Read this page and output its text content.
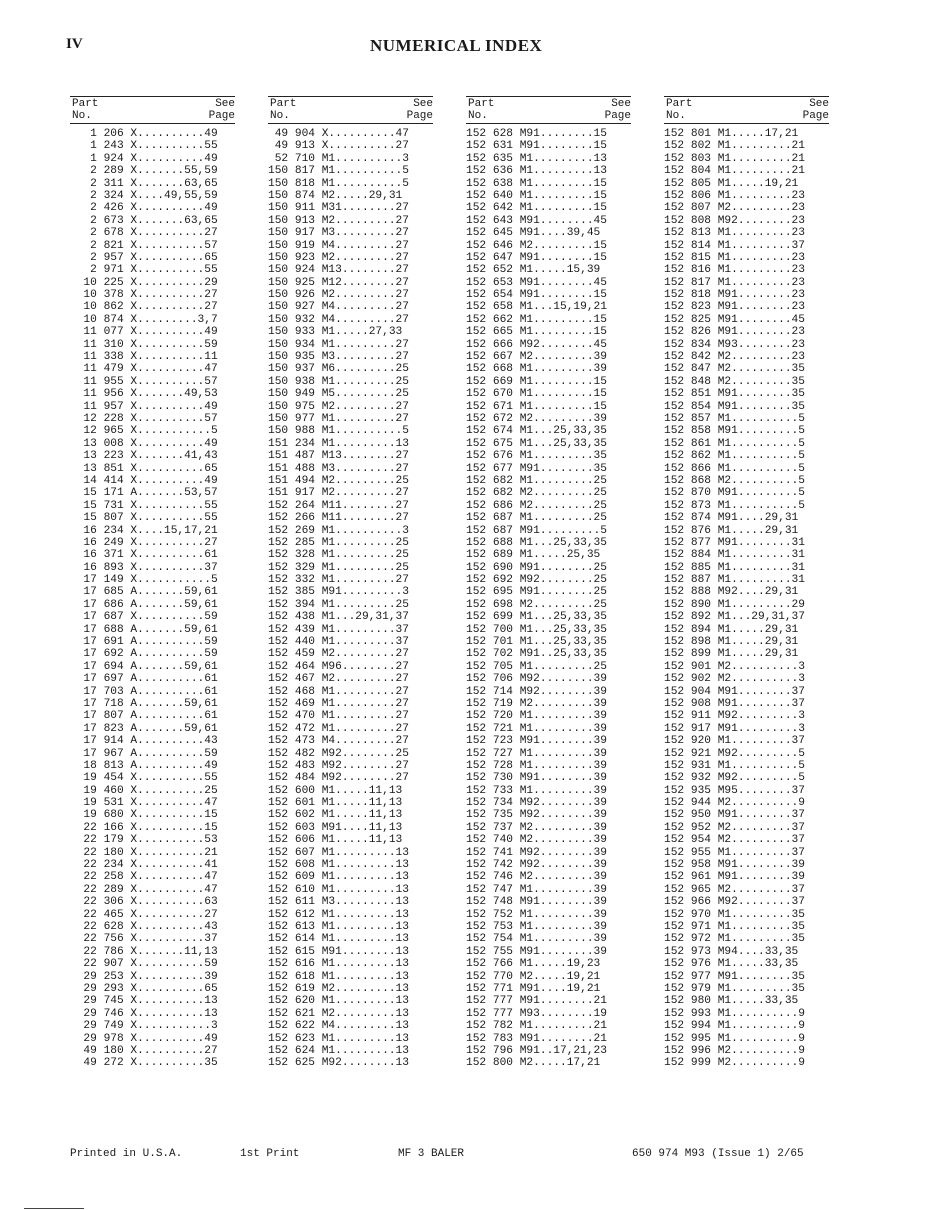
IV	NUMERICAL INDEX
Part
No.
See
Page
1 206 X..........49
1 243 X..........55
1 924 X..........49
2 289 X.......55,59
2 311 X.......63,65
2 324 X....49,55,59
2 426 X..........49
2 673 X.......63,65
2 678 X..........27
2 821 X..........57
2 957 X..........65
2 971 X..........55
10 225 X..........29
10 378 X..........27
10 862 X..........27
10 874 X.........3,7
11 077 X..........49
11 310 X..........59
11 338 X..........11
11 479 X..........47
11 955 X..........57
11 956 X.......49,53
11 957 X..........49
12 228 X..........57
12 965 X...........5
13 008 X..........49
13 223 X.......41,43
13 851 X..........65
14 414 X..........49
15 171 A.......53,57
15 731 X..........55
15 807 X..........55
16 234 X....15,17,21
16 249 X..........27
16 371 X..........61
16 893 X..........37
17 149 X...........5
17 685 A.......59,61
17 686 A.......59,61
17 687 X..........59
17 688 A.......59,61
17 691 A..........59
17 692 A..........59
17 694 A.......59,61
17 697 A..........61
17 703 A..........61
17 718 A.......59,61
17 807 A..........61
17 823 A.......59,61
17 914 A..........43
17 967 A..........59
18 813 A..........49
19 454 X..........55
19 460 X..........25
19 531 X..........47
19 680 X..........15
22 166 X..........15
22 179 X..........53
22 180 X..........21
22 234 X..........41
22 258 X..........47
22 289 X..........47
22 306 X..........63
22 465 X..........27
22 628 X..........43
22 756 X..........37
22 786 X.......11,13
22 907 X..........59
29 253 X..........39
29 293 X..........65
29 745 X..........13
29 746 X..........13
29 749 X...........3
29 978 X..........49
49 180 X..........27
49 272 X..........35
Part
No.
See
Page
49 904 X..........47
49 913 X..........27
52 710 M1..........3
150 817 M1..........5
150 818 M1..........5
150 874 M2.....29,31
150 911 M31........27
150 913 M2.........27
150 917 M3.........27
150 919 M4.........27
150 923 M2.........27
150 924 M13........27
150 925 M12........27
150 926 M2.........27
150 927 M4.........27
150 932 M4.........27
150 933 M1.....27,33
150 934 M1.........27
150 935 M3.........27
150 937 M6.........25
150 938 M1.........25
150 949 M5.........25
150 975 M2.........27
150 977 M1.........27
150 988 M1..........5
151 234 M1.........13
151 487 M13........27
151 488 M3.........27
151 494 M2.........25
151 917 M2.........27
152 264 M11........27
152 266 M11........27
152 269 M1..........3
152 285 M1.........25
152 328 M1.........25
152 329 M1.........25
152 332 M1.........27
152 385 M91.........3
152 394 M1.........25
152 438 M1...29,31,37
152 439 M1.........37
152 440 M1.........37
152 459 M2.........27
152 464 M96........27
152 467 M2.........27
152 468 M1.........27
152 469 M1.........27
152 470 M1.........27
152 472 M1.........27
152 473 M4.........27
152 482 M92........25
152 483 M92........27
152 484 M92........27
152 600 M1.....11,13
152 601 M1.....11,13
152 602 M1.....11,13
152 603 M91....11,13
152 606 M1.....11,13
152 607 M1.........13
152 608 M1.........13
152 609 M1.........13
152 610 M1.........13
152 611 M3.........13
152 612 M1.........13
152 613 M1.........13
152 614 M1.........13
152 615 M91........13
152 616 M1.........13
152 618 M1.........13
152 619 M2.........13
152 620 M1.........13
152 621 M2.........13
152 622 M4.........13
152 623 M1.........13
152 624 M1.........13
152 625 M92........13
Part
No.
See
Page
152 628 M91........15
152 631 M91........15
152 635 M1.........13
152 636 M1.........13
152 638 M1.........15
152 640 M1.........15
152 642 M1.........15
152 643 M91........45
152 645 M91....39,45
152 646 M2.........15
152 647 M91........15
152 652 M1.....15,39
152 653 M91........45
152 654 M91........15
152 658 M1...15,19,21
152 662 M1.........15
152 665 M1.........15
152 666 M92........45
152 667 M2.........39
152 668 M1.........39
152 669 M1.........15
152 670 M1.........15
152 671 M1.........15
152 672 M2.........39
152 674 M1...25,33,35
152 675 M1...25,33,35
152 676 M1.........35
152 677 M91........35
152 682 M1.........25
152 682 M2.........25
152 686 M2.........25
152 687 M1.........25
152 687 M91.........5
152 688 M1...25,33,35
152 689 M1.....25,35
152 690 M91........25
152 692 M92........25
152 695 M91........25
152 698 M2.........25
152 699 M1...25,33,35
152 700 M1...25,33,35
152 701 M1...25,33,35
152 702 M91..25,33,35
152 705 M1.........25
152 706 M92........39
152 714 M92........39
152 719 M2.........39
152 720 M1.........39
152 721 M1.........39
152 723 M91........39
152 727 M1.........39
152 728 M1.........39
152 730 M91........39
152 733 M1.........39
152 734 M92........39
152 735 M92........39
152 737 M2.........39
152 740 M2.........39
152 741 M92........39
152 742 M92........39
152 746 M2.........39
152 747 M1.........39
152 748 M91........39
152 752 M1.........39
152 753 M1.........39
152 754 M1.........39
152 755 M91........39
152 766 M1.....19,23
152 770 M2.....19,21
152 771 M91....19,21
152 777 M91........21
152 777 M93........19
152 782 M1.........21
152 783 M91........21
152 796 M91..17,21,23
152 800 M2.....17,21
Part
No.
See
Page
152 801 M1.....17,21
152 802 M1.........21
152 803 M1.........21
152 804 M1.........21
152 805 M1.....19,21
152 806 M1.........23
152 807 M2.........23
152 808 M92........23
152 813 M1.........23
152 814 M1.........37
152 815 M1.........23
152 816 M1.........23
152 817 M1.........23
152 818 M91........23
152 823 M91........23
152 825 M91........45
152 826 M91........23
152 834 M93........23
152 842 M2.........23
152 847 M2.........35
152 848 M2.........35
152 851 M91........35
152 854 M91........35
152 857 M1..........5
152 858 M91.........5
152 861 M1..........5
152 862 M1..........5
152 866 M1..........5
152 868 M2..........5
152 870 M91.........5
152 873 M1..........5
152 874 M91....29,31
152 876 M1.....29,31
152 877 M91........31
152 884 M1.........31
152 885 M1.........31
152 887 M1.........31
152 888 M92....29,31
152 890 M1.........29
152 892 M1...29,31,37
152 894 M1.....29,31
152 898 M1.....29,31
152 899 M1.....29,31
152 901 M2..........3
152 902 M2..........3
152 904 M91........37
152 908 M91........37
152 911 M92.........3
152 917 M91.........3
152 920 M1.........37
152 921 M92.........5
152 931 M1..........5
152 932 M92.........5
152 935 M95........37
152 944 M2..........9
152 950 M91........37
152 952 M2.........37
152 954 M2.........37
152 955 M1.........37
152 958 M91........39
152 961 M91........39
152 965 M2.........37
152 966 M92........37
152 970 M1.........35
152 971 M1.........35
152 972 M1.........35
152 973 M94....33,35
152 976 M1.....33,35
152 977 M91........35
152 979 M1.........35
152 980 M1.....33,35
152 993 M1..........9
152 994 M1..........9
152 995 M1..........9
152 996 M2..........9
152 999 M2..........9
Printed in U.S.A.	1st Print	MF 3 BALER	650 974 M93 (Issue 1) 2/65
